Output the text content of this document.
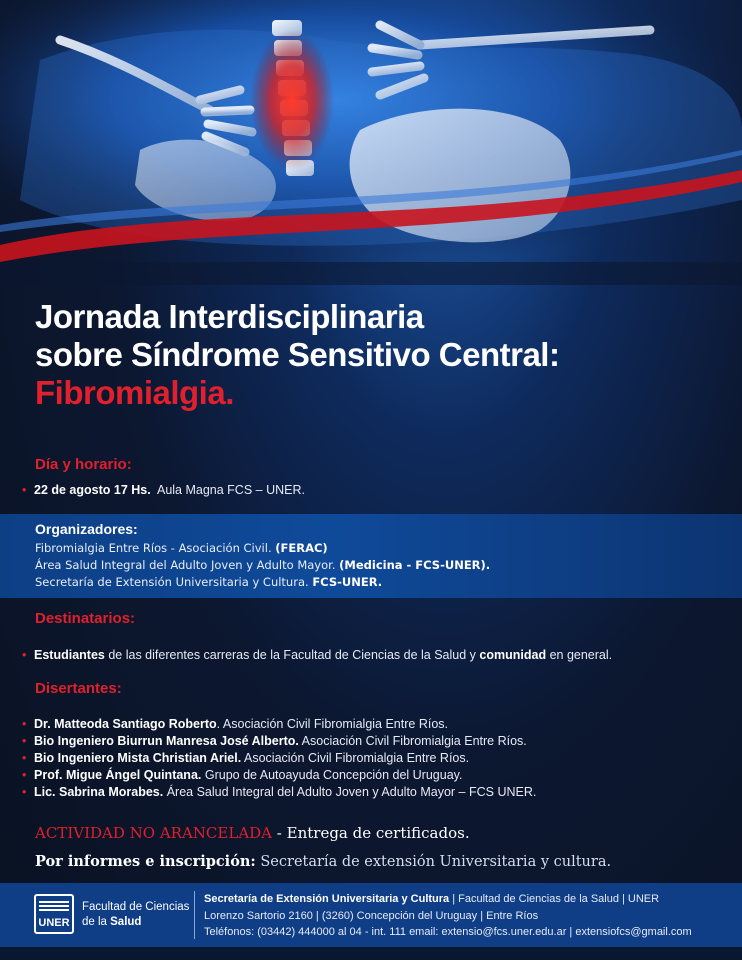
Jornada Interdisciplinaria
sobre Síndrome Sensitivo Central:
Fibromialgia.
Día y horario:
• 22 de agosto 17 Hs. Aula Magna FCS – UNER.
Organizadores:
Fibromialgia Entre Ríos - Asociación Civil. (FERAC)
Área Salud Integral del Adulto Joven y Adulto Mayor. (Medicina - FCS-UNER).
Secretaría de Extensión Universitaria y Cultura. FCS-UNER.
Destinatarios:
• Estudiantes de las diferentes carreras de la Facultad de Ciencias de la Salud y comunidad en general.
Disertantes:
• Dr. Matteoda Santiago Roberto. Asociación Civil Fibromialgia Entre Ríos.
• Bio Ingeniero Biurrun Manresa José Alberto. Asociación Civil Fibromialgia Entre Ríos.
• Bio Ingeniero Mista Christian Ariel. Asociación Civil Fibromialgia Entre Ríos.
• Prof. Migue Ángel Quintana. Grupo de Autoayuda Concepción del Uruguay.
• Lic. Sabrina Morabes. Área Salud Integral del Adulto Joven y Adulto Mayor – FCS UNER.
ACTIVIDAD NO ARANCELADA - Entrega de certificados.
Por informes e inscripción: Secretaría de extensión Universitaria y cultura.
UNER
Facultad de Ciencias
de la Salud
Secretaría de Extensión Universitaria y Cultura | Facultad de Ciencias de la Salud | UNER
Lorenzo Sartorio 2160 | (3260) Concepción del Uruguay | Entre Ríos
Teléfonos: (03442) 444000 al 04 - int. 111 email: extensio@fcs.uner.edu.ar | extensiofcs@gmail.com
